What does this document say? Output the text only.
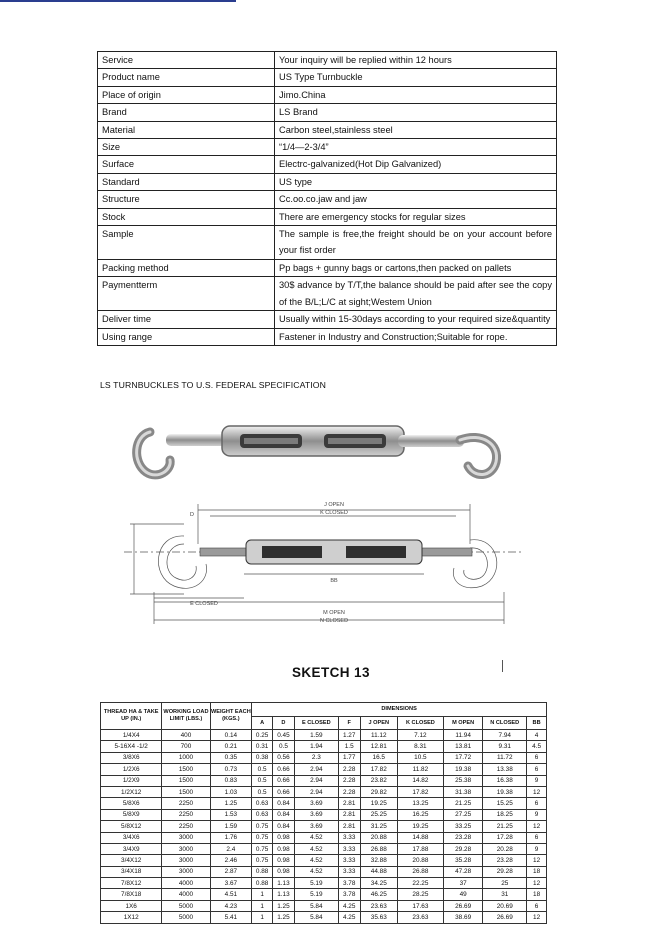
Service	Your inquiry will be replied within 12 hours
Product name	US Type Turnbuckle
Place of origin	Jimo.China
Brand	LS Brand
Material	Carbon steel,stainless steel
Size	“1/4—2-3/4”
Surface	Electrc-galvanized(Hot Dip Galvanized)
Standard	US type
Structure	Cc.oo.co.jaw and jaw
Stock	There are emergency stocks for regular sizes
Sample	The sample is free,the freight should be on your account before your fist order
Packing method	Pp bags + gunny bags or cartons,then packed on pallets
Paymentterm	30$ advance by T/T,the balance should be paid after see the copy of the B/L;L/C at sight;Westem Union
Deliver time	Usually within 15-30days according to your required size&quantity
Using range	Fastener in Industry and Construction;Suitable for rope.
LS TURNBUCKLES TO U.S. FEDERAL SPECIFICATION
J OPEN
K CLOSED
BB
E CLOSED
M OPEN
N CLOSED
D
SKETCH 13
THREAD HA & TAKE UP (IN.)	WORKING LOAD LIMIT (LBS.)	WEIGHT EACH (KGS.)	DIMENSIONS								
			A	D	E CLOSED	F	J OPEN	K CLOSED	M OPEN	N CLOSED	BB
1/4X4	400	0.14	0.25	0.45	1.59	1.27	11.12	7.12	11.94	7.94	4
5-16X4 -1/2	700	0.21	0.31	0.5	1.94	1.5	12.81	8.31	13.81	9.31	4.5
3/8X6	1000	0.35	0.38	0.56	2.3	1.77	16.5	10.5	17.72	11.72	6
1/2X6	1500	0.73	0.5	0.66	2.94	2.28	17.82	11.82	19.38	13.38	6
1/2X9	1500	0.83	0.5	0.66	2.94	2.28	23.82	14.82	25.38	16.38	9
1/2X12	1500	1.03	0.5	0.66	2.94	2.28	29.82	17.82	31.38	19.38	12
5/8X6	2250	1.25	0.63	0.84	3.69	2.81	19.25	13.25	21.25	15.25	6
5/8X9	2250	1.53	0.63	0.84	3.69	2.81	25.25	16.25	27.25	18.25	9
5/8X12	2250	1.59	0.75	0.84	3.69	2.81	31.25	19.25	33.25	21.25	12
3/4X6	3000	1.76	0.75	0.98	4.52	3.33	20.88	14.88	23.28	17.28	6
3/4X9	3000	2.4	0.75	0.98	4.52	3.33	26.88	17.88	29.28	20.28	9
3/4X12	3000	2.46	0.75	0.98	4.52	3.33	32.88	20.88	35.28	23.28	12
3/4X18	3000	2.87	0.88	0.98	4.52	3.33	44.88	26.88	47.28	29.28	18
7/8X12	4000	3.67	0.88	1.13	5.19	3.78	34.25	22.25	37	25	12
7/8X18	4000	4.51	1	1.13	5.19	3.78	46.25	28.25	49	31	18
1X6	5000	4.23	1	1.25	5.84	4.25	23.63	17.63	26.69	20.69	6
1X12	5000	5.41	1	1.25	5.84	4.25	35.63	23.63	38.69	26.69	12
